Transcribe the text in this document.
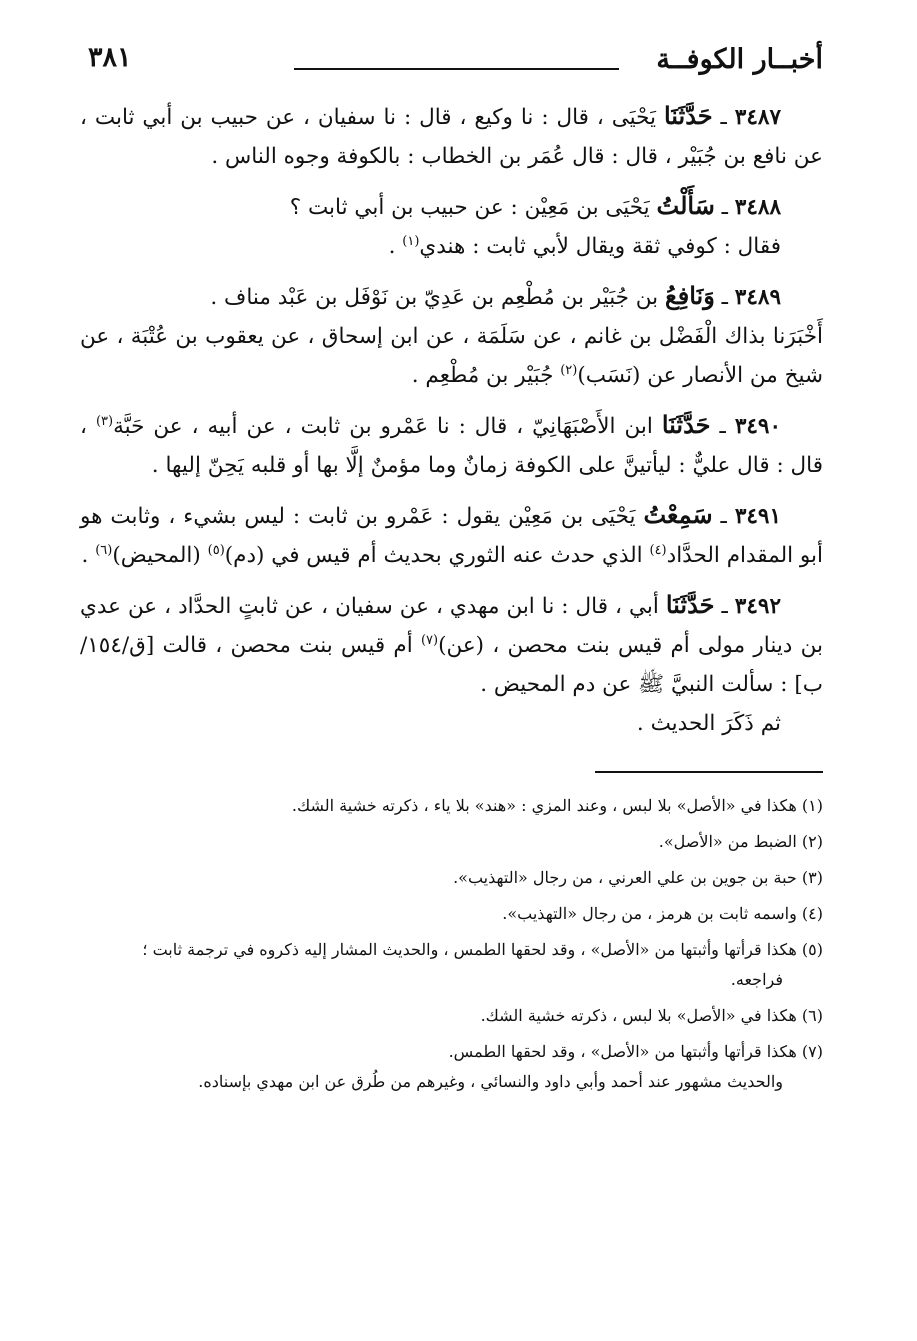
أخبــار الكوفــة
٣٨١

٣٤٨٧ ـ حَدَّثَنَا يَحْيَى ، قال : نا وكيع ، قال : نا سفيان ، عن حبيب بن أبي ثابت ، عن نافع بن جُبَيْر ، قال : قال عُمَر بن الخطاب : بالكوفة وجوه الناس .

٣٤٨٨ ـ سَأَلْتُ يَحْيَى بن مَعِيْن : عن حبيب بن أبي ثابت ؟

فقال : كوفي ثقة ويقال لأبي ثابت : هندي$^{(١)}$ .

٣٤٨٩ ـ وَنَافِعُ بن جُبَيْر بن مُطْعِم بن عَدِيّ بن نَوْفَل بن عَبْد مناف .

أَخْبَرَنا بذاك الْفَضْل بن غانم ، عن سَلَمَة ، عن ابن إسحاق ، عن يعقوب بن عُتْبَة ، عن شيخ من الأنصار عن (نَسَب)$^{(٢)}$ جُبَيْر بن مُطْعِم .

٣٤٩٠ ـ حَدَّثَنَا ابن الأَصْبَهَانِيّ ، قال : نا عَمْرو بن ثابت ، عن أبيه ، عن حَبَّة$^{(٣)}$ ، قال : قال عليٌّ : ليأتينَّ على الكوفة زمانٌ وما مؤمنٌ إلَّا بها أو قلبه يَحِنّ إليها .

٣٤٩١ ـ سَمِعْتُ يَحْيَى بن مَعِيْن يقول : عَمْرو بن ثابت : ليس بشيء ، وثابت هو أبو المقدام الحدَّاد$^{(٤)}$ الذي حدث عنه الثوري بحديث أم قيس في (دم)$^{(٥)}$ (المحيض)$^{(٦)}$ .

٣٤٩٢ ـ حَدَّثَنَا أبي ، قال : نا ابن مهدي ، عن سفيان ، عن ثابتٍ الحدَّاد ، عن عدي بن دينار مولى أم قيس بنت محصن ، (عن)$^{(٧)}$ أم قيس بنت محصن ، قالت [ق/١٥٤/ب] : سألت النبيَّ ﷺ عن دم المحيض .

ثم ذَكَرَ الحديث .

(١) هكذا في «الأصل» بلا لبس ، وعند المزي : «هند» بلا ياء ، ذكرته خشية الشك.

(٢) الضبط من «الأصل».

(٣) حبة بن جوين بن علي العرني ، من رجال «التهذيب».

(٤) واسمه ثابت بن هرمز ، من رجال «التهذيب».

(٥) هكذا قرأتها وأثبتها من «الأصل» ، وقد لحقها الطمس ، والحديث المشار إليه ذكروه في ترجمة ثابت ؛

فراجعه.

(٦) هكذا في «الأصل» بلا لبس ، ذكرته خشية الشك.

(٧) هكذا قرأتها وأثبتها من «الأصل» ، وقد لحقها الطمس.

والحديث مشهور عند أحمد وأبي داود والنسائي ، وغيرهم من طُرق عن ابن مهدي بإسناده.
